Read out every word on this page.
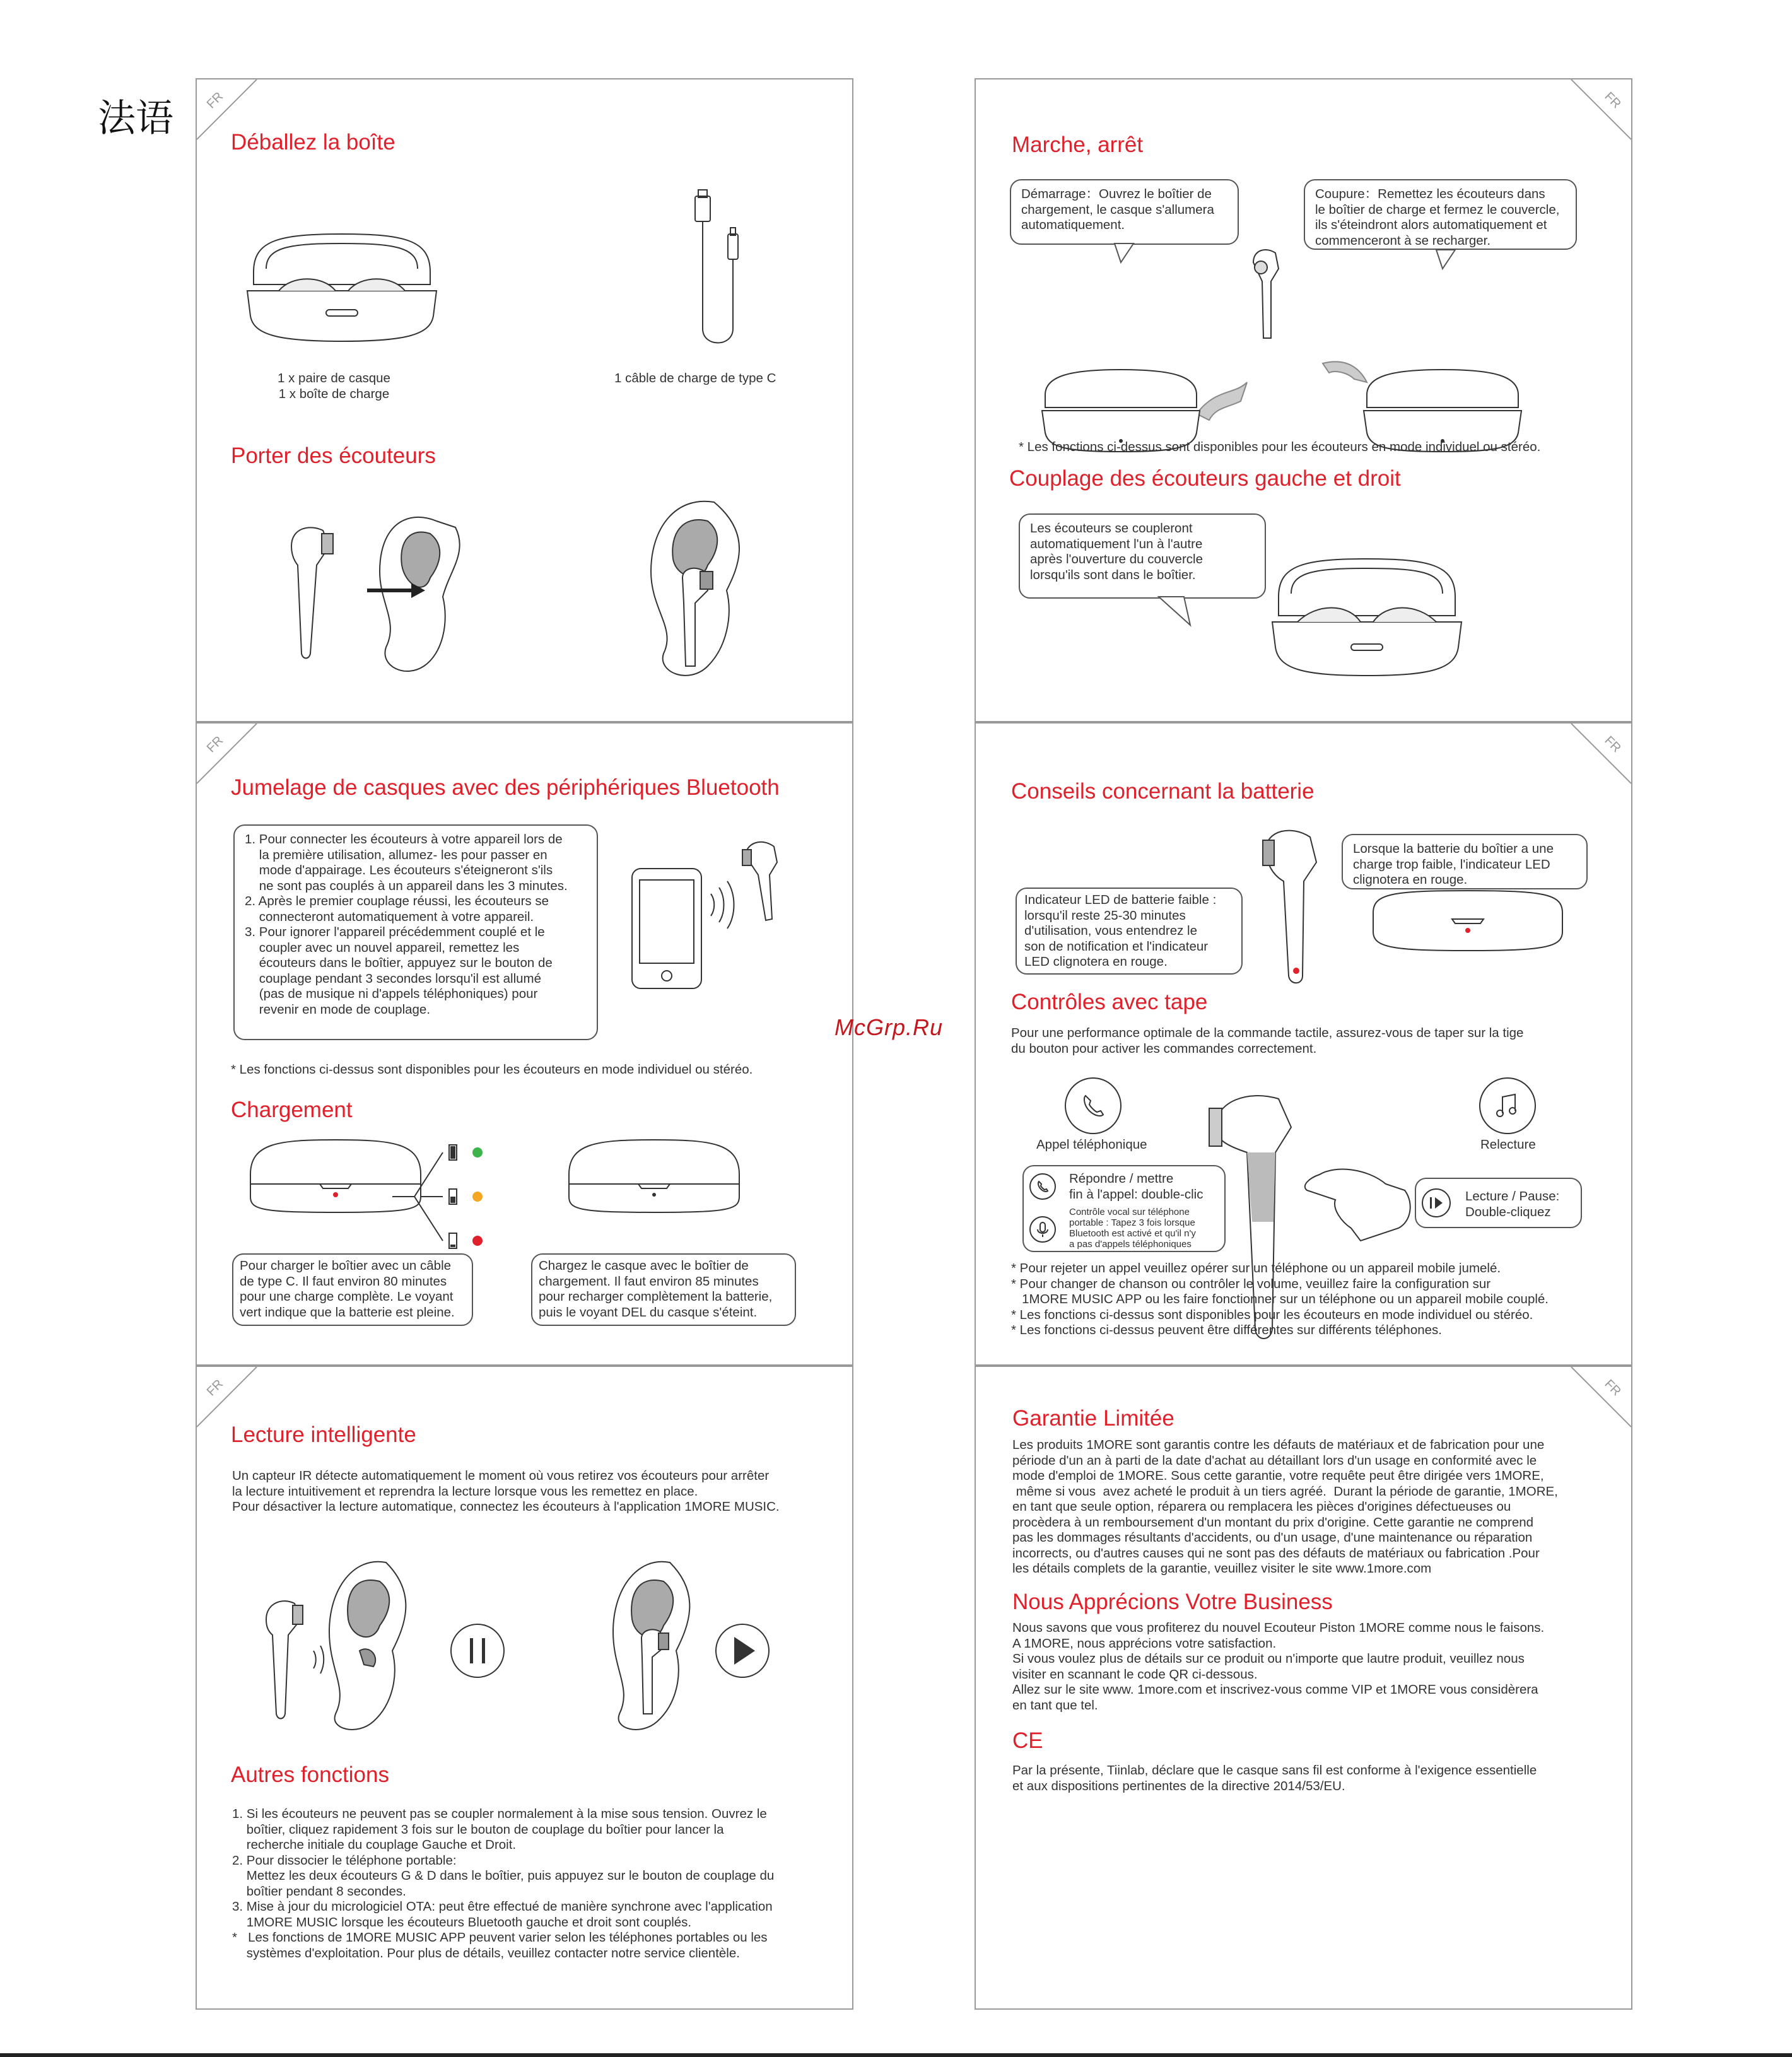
法语 FR
Déballez la boîte
1 x paire de casque
1 x boîte de charge
1 câble de charge de type C
Porter des écouteurs
FR
Marche, arrêt
Démarrage：Ouvrez le boîtier de
chargement, le casque s'allumera
automatiquement.
Coupure：Remettez les écouteurs dans
le boîtier de charge et fermez le couvercle,
ils s'éteindront alors automatiquement et
commenceront à se recharger.
* Les fonctions ci-dessus sont disponibles pour les écouteurs en mode individuel ou stéréo.
Couplage des écouteurs gauche et droit
Les écouteurs se coupleront
automatiquement l'un à l'autre
après l'ouverture du couvercle
lorsqu'ils sont dans le boîtier.
FR
Jumelage de casques avec des périphériques Bluetooth
1. Pour connecter les écouteurs à votre appareil lors de
la première utilisation, allumez- les pour passer en
mode d'appairage. Les écouteurs s'éteigneront s'ils
ne sont pas couplés à un appareil dans les 3 minutes.
2. Après le premier couplage réussi, les écouteurs se
connecteront automatiquement à votre appareil.
3. Pour ignorer l'appareil précédemment couplé et le
coupler avec un nouvel appareil, remettez les
écouteurs dans le boîtier, appuyez sur le bouton de
couplage pendant 3 secondes lorsqu'il est allumé
(pas de musique ni d'appels téléphoniques) pour
revenir en mode de couplage.
* Les fonctions ci-dessus sont disponibles pour les écouteurs en mode individuel ou stéréo.
Chargement
Pour charger le boîtier avec un câble
de type C. Il faut environ 80 minutes
pour une charge complète. Le voyant
vert indique que la batterie est pleine.
Chargez le casque avec le boîtier de
chargement. Il faut environ 85 minutes
pour recharger complètement la batterie,
puis le voyant DEL du casque s'éteint.
FR
Conseils concernant la batterie
Lorsque la batterie du boîtier a une
charge trop faible, l'indicateur LED
clignotera en rouge.
Indicateur LED de batterie faible :
lorsqu'il reste 25-30 minutes
d'utilisation, vous entendrez le
son de notification et l'indicateur
LED clignotera en rouge.
Contrôles avec tape
Pour une performance optimale de la commande tactile, assurez-vous de taper sur la tige
du bouton pour activer les commandes correctement.
Appel téléphonique	Relecture
Répondre / mettre
fin à l'appel: double-clic
Contrôle vocal sur téléphone
portable : Tapez 3 fois lorsque
Bluetooth est activé et qu'il n'y
a pas d'appels téléphoniques
Lecture / Pause:
Double-cliquez
* Pour rejeter un appel veuillez opérer sur un téléphone ou un appareil mobile jumelé.
* Pour changer de chanson ou contrôler le volume, veuillez faire la configuration sur
1MORE MUSIC APP ou les faire fonctionner sur un téléphone ou un appareil mobile couplé.
* Les fonctions ci-dessus sont disponibles pour les écouteurs en mode individuel ou stéréo.
* Les fonctions ci-dessus peuvent être différentes sur différents téléphones.
FR
Lecture intelligente
Un capteur IR détecte automatiquement le moment où vous retirez vos écouteurs pour arrêter
la lecture intuitivement et reprendra la lecture lorsque vous les remettez en place.
Pour désactiver la lecture automatique, connectez les écouteurs à l'application 1MORE MUSIC.
Autres fonctions
1. Si les écouteurs ne peuvent pas se coupler normalement à la mise sous tension. Ouvrez le
boîtier, cliquez rapidement 3 fois sur le bouton de couplage du boîtier pour lancer la
recherche initiale du couplage Gauche et Droit.
2. Pour dissocier le téléphone portable:
Mettez les deux écouteurs G & D dans le boîtier, puis appuyez sur le bouton de couplage du
boîtier pendant 8 secondes.
3. Mise à jour du micrologiciel OTA: peut être effectué de manière synchrone avec l'application
1MORE MUSIC lorsque les écouteurs Bluetooth gauche et droit sont couplés.
*   Les fonctions de 1MORE MUSIC APP peuvent varier selon les téléphones portables ou les
systèmes d'exploitation. Pour plus de détails, veuillez contacter notre service clientèle.
FR
Garantie Limitée
Les produits 1MORE sont garantis contre les défauts de matériaux et de fabrication pour une
période d'un an à parti de la date d'achat au détaillant lors d'un usage en conformité avec le
mode d'emploi de 1MORE. Sous cette garantie, votre requête peut être dirigée vers 1MORE,
même si vous  avez acheté le produit à un tiers agréé.  Durant la période de garantie, 1MORE,
en tant que seule option, réparera ou remplacera les pièces d'origines défectueuses ou
procèdera à un remboursement d'un montant du prix d'origine. Cette garantie ne comprend
pas les dommages résultants d'accidents, ou d'un usage, d'une maintenance ou réparation
incorrects, ou d'autres causes qui ne sont pas des défauts de matériaux ou fabrication .Pour
les détails complets de la garantie, veuillez visiter le site www.1more.com
Nous Apprécions Votre Business
Nous savons que vous profiterez du nouvel Ecouteur Piston 1MORE comme nous le faisons.
A 1MORE, nous apprécions votre satisfaction.
Si vous voulez plus de détails sur ce produit ou n'importe que lautre produit, veuillez nous
visiter en scannant le code QR ci-dessous.
Allez sur le site www. 1more.com et inscrivez-vous comme VIP et 1MORE vous considèrera
en tant que tel.
CE
Par la présente, Tiinlab, déclare que le casque sans fil est conforme à l'exigence essentielle
et aux dispositions pertinentes de la directive 2014/53/EU.
McGrp.Ru
